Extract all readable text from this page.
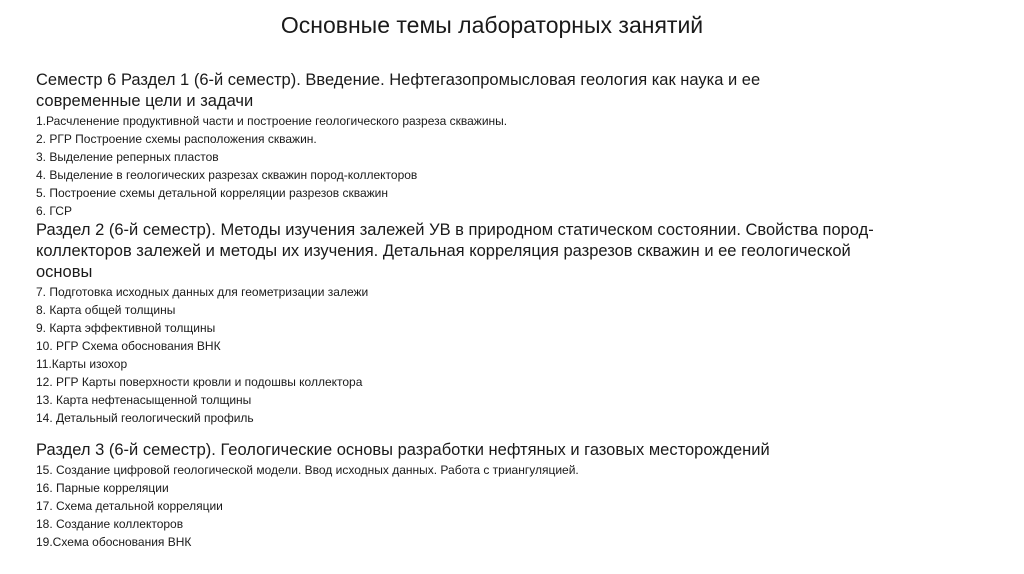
Основные темы лабораторных занятий

Семестр 6 Раздел 1 (6-й семестр). Введение. Нефтегазопромысловая геология как наука и ее
современные цели и задачи

1.Расчленение продуктивной части и построение геологического разреза скважины.
2. РГР Построение схемы расположения скважин.
3. Выделение реперных пластов
4. Выделение в геологических разрезах скважин пород-коллекторов
5. Построение схемы детальной корреляции разрезов скважин
6. ГСР

Раздел 2 (6-й семестр). Методы изучения залежей УВ в природном статическом состоянии. Свойства пород-
коллекторов залежей и методы их изучения. Детальная корреляция разрезов скважин и ее геологической
основы

7. Подготовка исходных данных для геометризации залежи
8. Карта общей толщины
9. Карта эффективной толщины
10. РГР Схема обоснования ВНК
11.Карты изохор
12. РГР Карты поверхности кровли и подошвы коллектора
13. Карта нефтенасыщенной толщины
14. Детальный геологический профиль

Раздел 3 (6-й семестр). Геологические основы разработки нефтяных и газовых месторождений

15. Создание цифровой геологической модели. Ввод исходных данных. Работа с триангуляцией.
16. Парные корреляции
17. Схема детальной корреляции
18. Создание коллекторов
19.Схема обоснования ВНК
